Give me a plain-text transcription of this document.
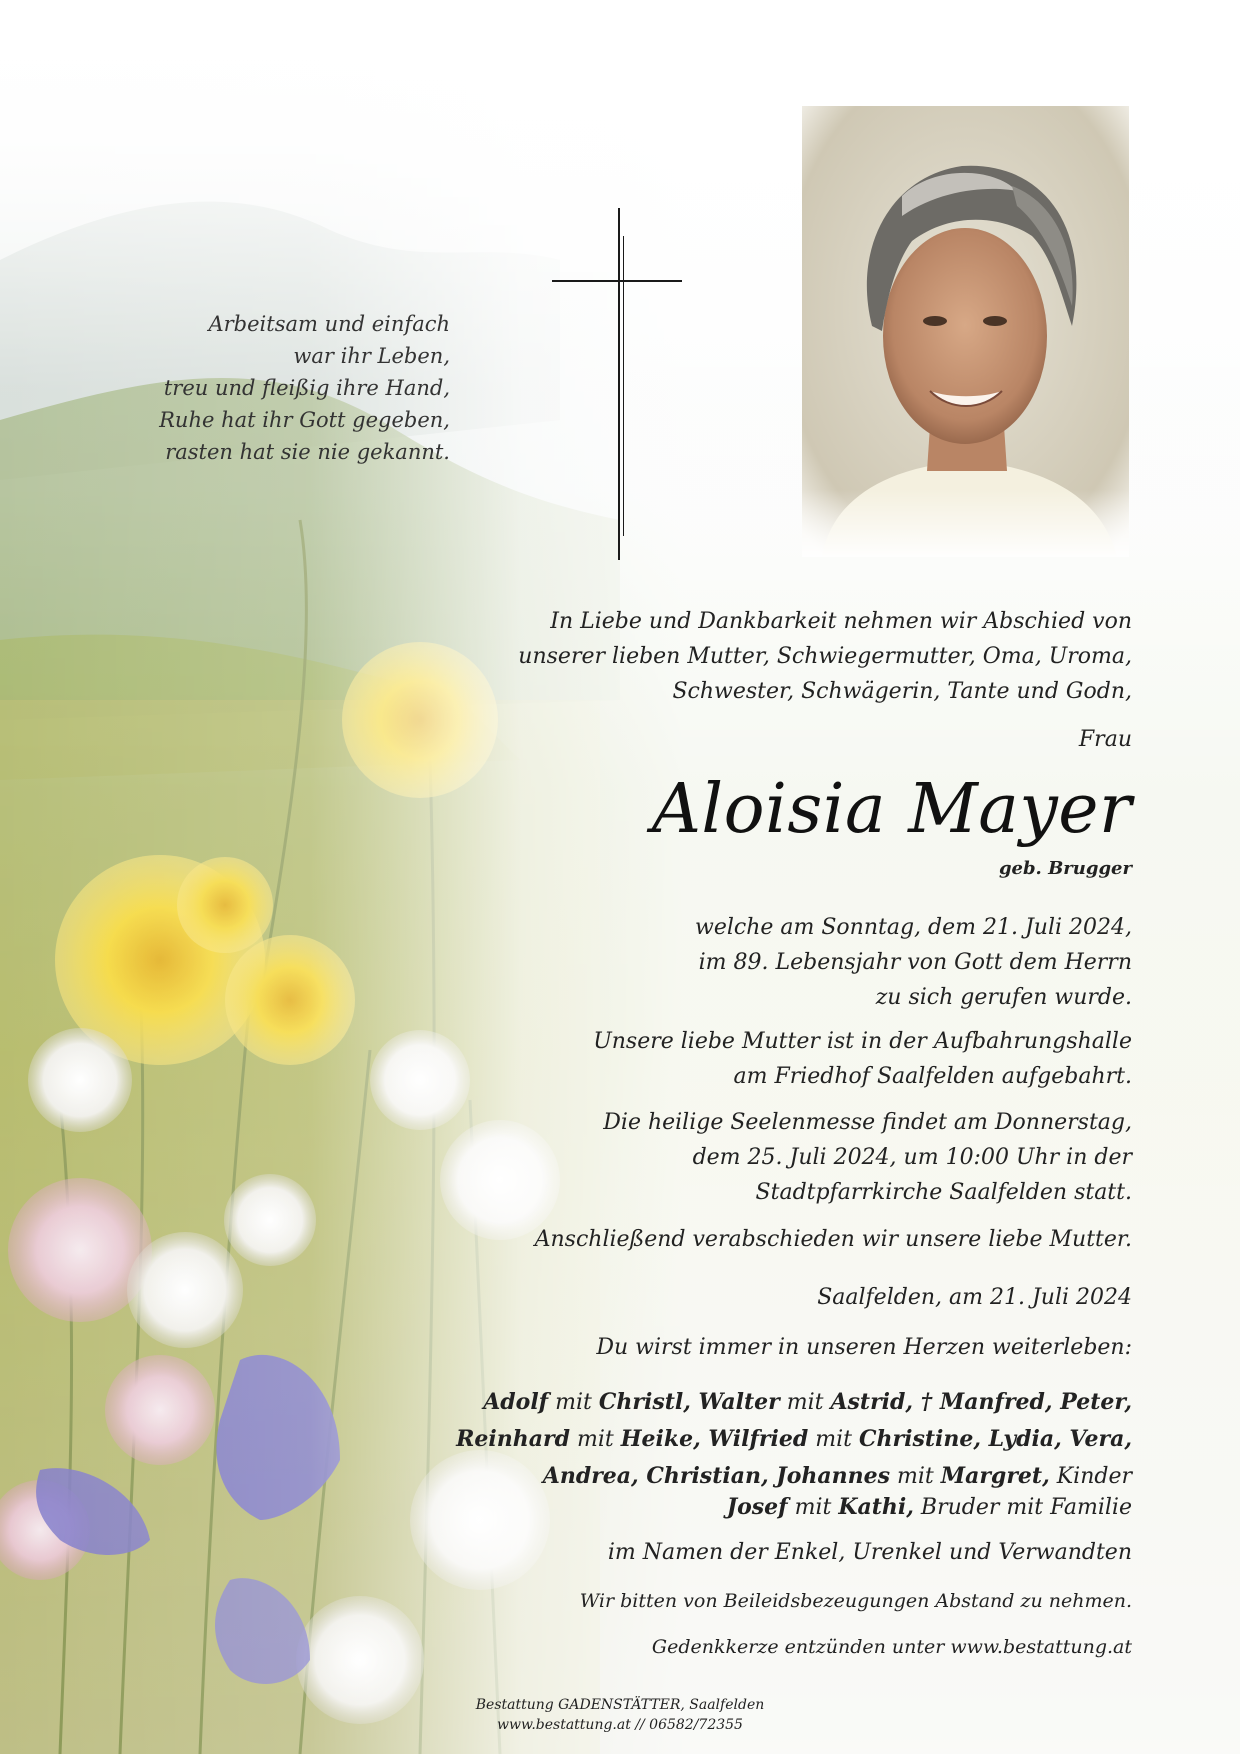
Arbeitsam und einfach
war ihr Leben,
treu und fleißig ihre Hand,
Ruhe hat ihr Gott gegeben,
rasten hat sie nie gekannt.
In Liebe und Dankbarkeit nehmen wir Abschied von
unserer lieben Mutter, Schwiegermutter, Oma, Uroma,
Schwester, Schwägerin, Tante und Godn,
Frau
Aloisia Mayer
geb. Brugger
welche am Sonntag, dem 21. Juli 2024,
im 89. Lebensjahr von Gott dem Herrn
zu sich gerufen wurde.
Unsere liebe Mutter ist in der Aufbahrungshalle
am Friedhof Saalfelden aufgebahrt.
Die heilige Seelenmesse findet am Donnerstag,
dem 25. Juli 2024, um 10:00 Uhr in der
Stadtpfarrkirche Saalfelden statt.
Anschließend verabschieden wir unsere liebe Mutter.
Saalfelden, am 21. Juli 2024
Du wirst immer in unseren Herzen weiterleben:
Adolf mit Christl, Walter mit Astrid, † Manfred, Peter,
Reinhard mit Heike, Wilfried mit Christine, Lydia, Vera,
Andrea, Christian, Johannes mit Margret, Kinder
Josef mit Kathi, Bruder mit Familie
im Namen der Enkel, Urenkel und Verwandten
Wir bitten von Beileidsbezeugungen Abstand zu nehmen.
Gedenkkerze entzünden unter www.bestattung.at
Bestattung GADENSTÄTTER, Saalfelden
www.bestattung.at // 06582/72355
